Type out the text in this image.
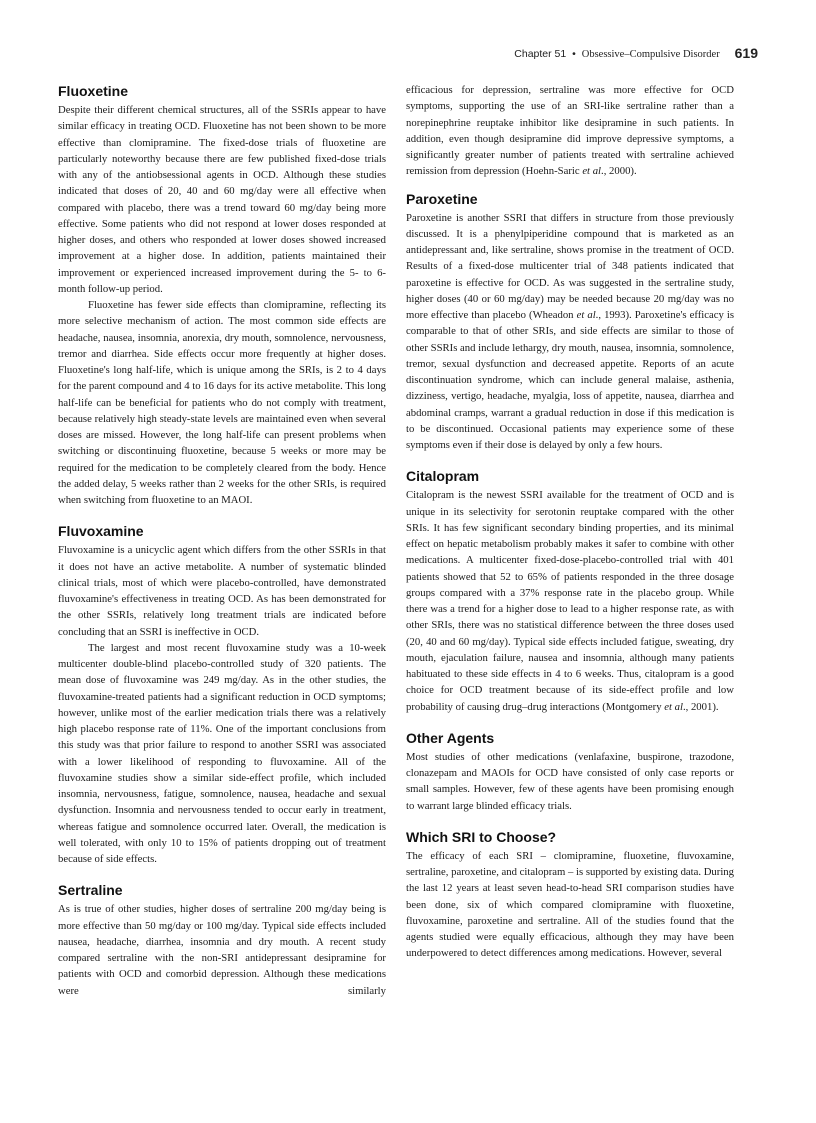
Chapter 51 • Obsessive–Compulsive Disorder 619
Fluoxetine

Despite their different chemical structures, all of the SSRIs appear to have similar efficacy in treating OCD. Fluoxetine has not been shown to be more effective than clomipramine. The fixed-dose trials of fluoxetine are particularly noteworthy because there are few published fixed-dose trials with any of the antiobsessional agents in OCD. Although these studies indicated that doses of 20, 40 and 60 mg/day were all effective when compared with placebo, there was a trend toward 60 mg/day being more effective. Some patients who did not respond at lower doses responded at higher doses, and others who responded at lower doses showed increased improvement at a higher dose. In addition, patients maintained their improvement or experienced increased improvement during the 5- to 6-month follow-up period.

Fluoxetine has fewer side effects than clomipramine, reflecting its more selective mechanism of action. The most common side effects are headache, nausea, insomnia, anorexia, dry mouth, somnolence, nervousness, tremor and diarrhea. Side effects occur more frequently at higher doses. Fluoxetine's long half-life, which is unique among the SRIs, is 2 to 4 days for the parent compound and 4 to 16 days for its active metabolite. This long half-life can be beneficial for patients who do not comply with treatment, because relatively high steady-state levels are maintained even when several doses are missed. However, the long half-life can present problems when switching or discontinuing fluoxetine, because 5 weeks or more may be required for the medication to be completely cleared from the body. Hence the added delay, 5 weeks rather than 2 weeks for the other SRIs, is required when switching from fluoxetine to an MAOI.

Fluvoxamine

Fluvoxamine is a unicyclic agent which differs from the other SSRIs in that it does not have an active metabolite. A number of systematic blinded clinical trials, most of which were placebo-controlled, have demonstrated fluvoxamine's effectiveness in treating OCD. As has been demonstrated for the other SSRIs, relatively long treatment trials are indicated before concluding that an SSRI is ineffective in OCD.

The largest and most recent fluvoxamine study was a 10-week multicenter double-blind placebo-controlled study of 320 patients. The mean dose of fluvoxamine was 249 mg/day. As in the other studies, the fluvoxamine-treated patients had a significant reduction in OCD symptoms; however, unlike most of the earlier medication trials there was a relatively high placebo response rate of 11%. One of the important conclusions from this study was that prior failure to respond to another SSRI was associated with a lower likelihood of responding to fluvoxamine. All of the fluvoxamine studies show a similar side-effect profile, which included insomnia, nervousness, fatigue, somnolence, nausea, headache and sexual dysfunction. Insomnia and nervousness tended to occur early in treatment, whereas fatigue and somnolence occurred later. Overall, the medication is well tolerated, with only 10 to 15% of patients dropping out of treatment because of side effects.

Sertraline

As is true of other studies, higher doses of sertraline 200 mg/day being is more effective than 50 mg/day or 100 mg/day. Typical side effects included nausea, headache, diarrhea, insomnia and dry mouth. A recent study compared sertraline with the non-SRI antidepressant desipramine for patients with OCD and comorbid depression. Although these medications were similarly

efficacious for depression, sertraline was more effective for OCD symptoms, supporting the use of an SRI-like sertraline rather than a norepinephrine reuptake inhibitor like desipramine in such patients. In addition, even though desipramine did improve depressive symptoms, a significantly greater number of patients treated with sertraline achieved remission from depression (Hoehn-Saric et al., 2000).

Paroxetine

Paroxetine is another SSRI that differs in structure from those previously discussed. It is a phenylpiperidine compound that is marketed as an antidepressant and, like sertraline, shows promise in the treatment of OCD. Results of a fixed-dose multicenter trial of 348 patients indicated that paroxetine is effective for OCD. As was suggested in the sertraline study, higher doses (40 or 60 mg/day) may be needed because 20 mg/day was no more effective than placebo (Wheadon et al., 1993). Paroxetine's efficacy is comparable to that of other SRIs, and side effects are similar to those of other SSRIs and include lethargy, dry mouth, nausea, insomnia, somnolence, tremor, sexual dysfunction and decreased appetite. Reports of an acute discontinuation syndrome, which can include general malaise, asthenia, dizziness, vertigo, headache, myalgia, loss of appetite, nausea, diarrhea and abdominal cramps, warrant a gradual reduction in dose if this medication is to be discontinued. Occasional patients may experience some of these symptoms even if their dose is delayed by only a few hours.

Citalopram

Citalopram is the newest SSRI available for the treatment of OCD and is unique in its selectivity for serotonin reuptake compared with the other SRIs. It has few significant secondary binding properties, and its minimal effect on hepatic metabolism probably makes it safer to combine with other medications. A multicenter fixed-dose-placebo-controlled trial with 401 patients showed that 52 to 65% of patients responded in the three dosage groups compared with a 37% response rate in the placebo group. While there was a trend for a higher dose to lead to a higher response rate, as with other SRIs, there was no statistical difference between the three doses used (20, 40 and 60 mg/day). Typical side effects included fatigue, sweating, dry mouth, ejaculation failure, nausea and insomnia, although many patients habituated to these side effects in 4 to 6 weeks. Thus, citalopram is a good choice for OCD treatment because of its side-effect profile and low probability of causing drug–drug interactions (Montgomery et al., 2001).

Other Agents

Most studies of other medications (venlafaxine, buspirone, trazodone, clonazepam and MAOIs for OCD have consisted of only case reports or small samples. However, few of these agents have been promising enough to warrant large blinded efficacy trials.

Which SRI to Choose?

The efficacy of each SRI – clomipramine, fluoxetine, fluvoxamine, sertraline, paroxetine, and citalopram – is supported by existing data. During the last 12 years at least seven head-to-head SRI comparison studies have been done, six of which compared clomipramine with fluoxetine, fluvoxamine, paroxetine and sertraline. All of the studies found that the agents studied were equally efficacious, although they may have been underpowered to detect differences among medications. However, several
